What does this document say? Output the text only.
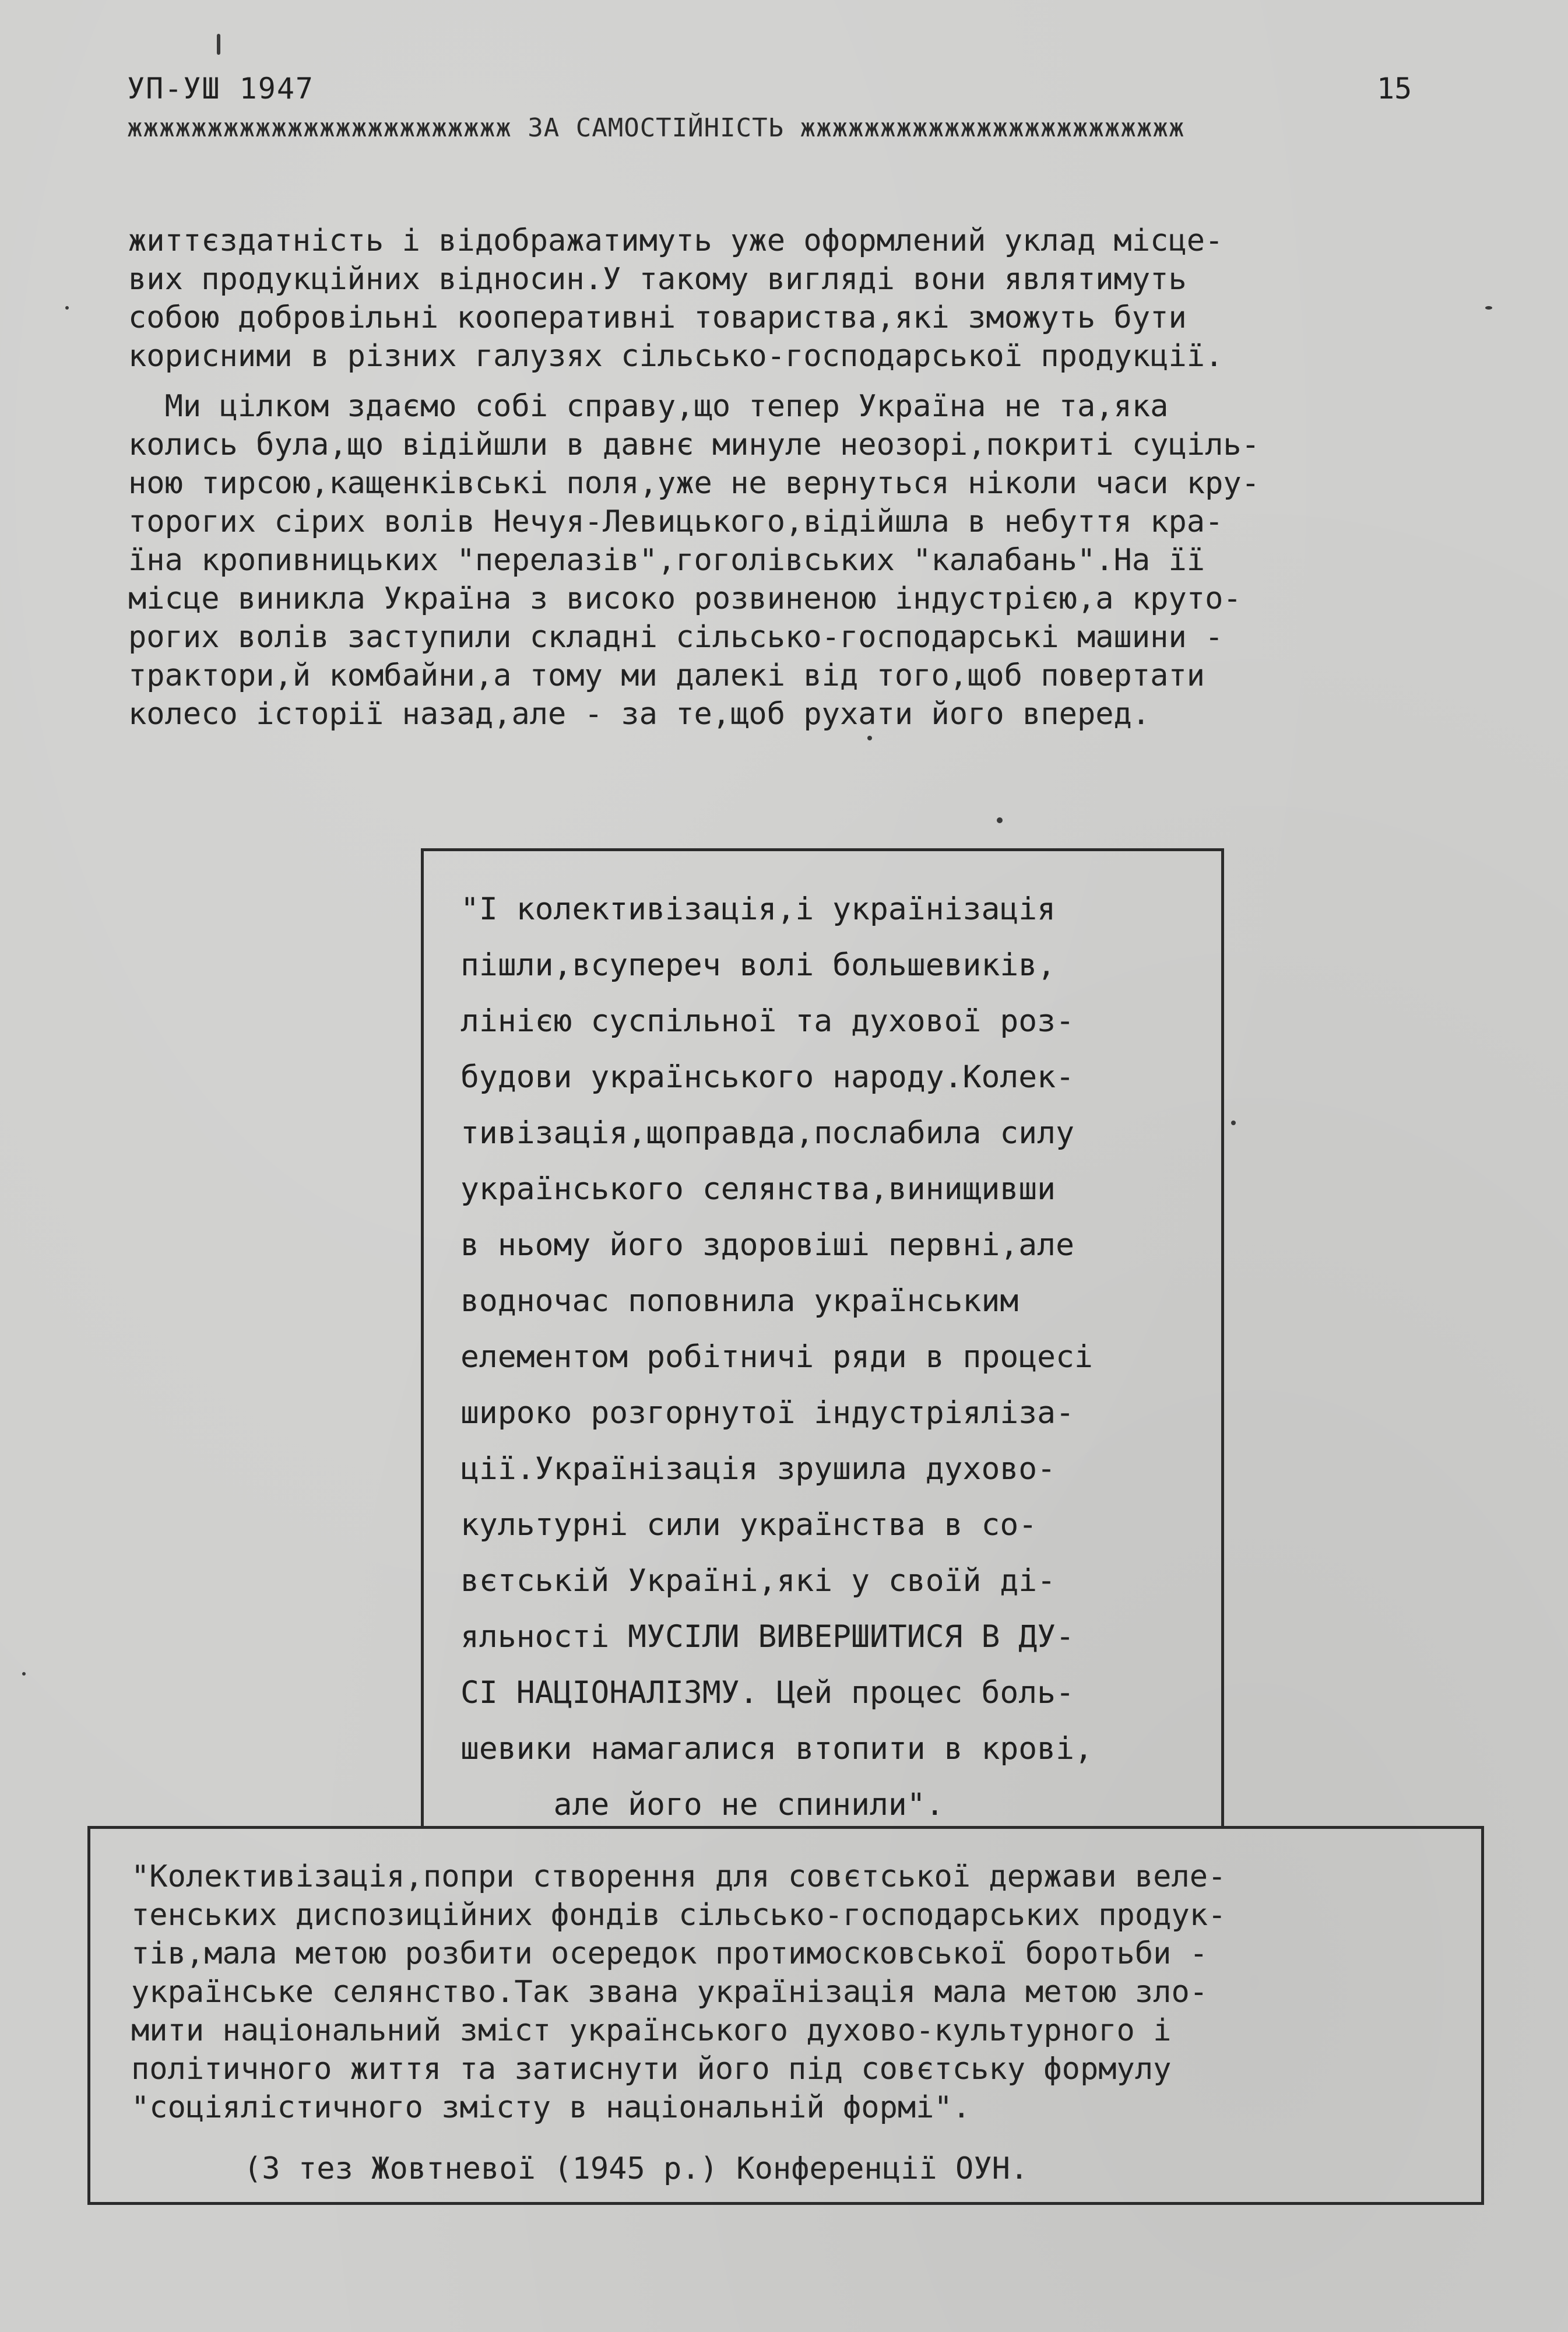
УП-УШ 1947	15
жжжжжжжжжжжжжжжжжжжжжжжж ЗА САМОСТІЙНІСТЬ жжжжжжжжжжжжжжжжжжжжжжжж
життєздатність і відображатимуть уже оформлений уклад місце-
вих продукційних відносин.У такому вигляді вони являтимуть
собою добровільні кооперативні товариства,які зможуть бути
корисними в різних галузях сільсько-господарської продукції.
Ми цілком здаємо собі справу,що тепер Україна не та,яка
колись була,що відійшли в давнє минуле неозорі,покриті суціль-
ною тирсою,кащенківські поля,уже не вернуться ніколи часи кру-
торогих сірих волів Нечуя-Левицького,відійшла в небуття кра-
їна кропивницьких "перелазів",гоголівських "калабань".На її
місце виникла Україна з високо розвиненою індустрією,а круто-
рогих волів заступили складні сільсько-господарські машини -
трактори,й комбайни,а тому ми далекі від того,щоб повертати
колесо історії назад,але - за те,щоб рухати його вперед.
"І колективізація,і українізація
пішли,всупереч волі большевиків,
лінією суспільної та духової роз-
будови українського народу.Колек-
тивізація,щоправда,послабила силу
українського селянства,винищивши
в ньому його здоровіші первні,але
водночас поповнила українським
елементом робітничі ряди в процесі
широко розгорнутої індустріяліза-
ції.Українізація зрушила духово-
культурні сили українства в со-
вєтській Україні,які у своїй ді-
яльності МУСІЛИ ВИВЕРШИТИСЯ В ДУ-
СІ НАЦІОНАЛІЗМУ. Цей процес боль-
шевики намагалися втопити в крові,
але його не спинили".
"Колективізація,попри створення для совєтської держави веле-
тенських диспозиційних фондів сільсько-господарських продук-
тів,мала метою розбити осередок протимосковської боротьби -
українське селянство.Так звана українізація мала метою зло-
мити національний зміст українського духово-культурного і
політичного життя та затиснути його під совєтську формулу
"соціялістичного змісту в національній формі".
(З тез Жовтневої (1945 р.) Конференції ОУН.
